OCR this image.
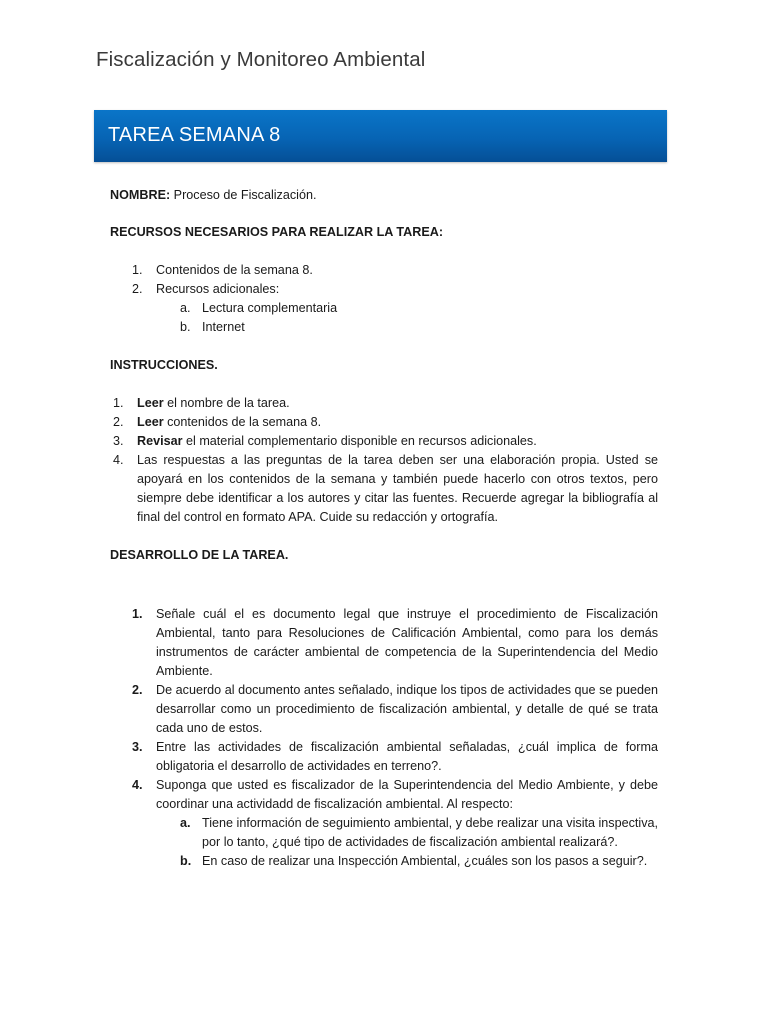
Fiscalización y Monitoreo Ambiental
TAREA SEMANA 8

NOMBRE: Proceso de Fiscalización.

RECURSOS NECESARIOS PARA REALIZAR LA TAREA:

1.	Contenidos de la semana 8.
2.	Recursos adicionales:
a. Lectura complementaria
b. Internet

INSTRUCCIONES.

1.	Leer el nombre de la tarea.
2.	Leer contenidos de la semana 8.
3.	Revisar el material complementario disponible en recursos adicionales.
4.	Las respuestas a las preguntas de la tarea deben ser una elaboración propia. Usted se apoyará en los contenidos de la semana y también puede hacerlo con otros textos, pero siempre debe identificar a los autores y citar las fuentes. Recuerde agregar la bibliografía al final del control en formato APA. Cuide su redacción y ortografía.

DESARROLLO DE LA TAREA.

1.	Señale cuál el es documento legal que instruye el procedimiento de Fiscalización Ambiental, tanto para Resoluciones de Calificación Ambiental, como para los demás instrumentos de carácter ambiental de competencia de la Superintendencia del Medio Ambiente.
2.	De acuerdo al documento antes señalado, indique los tipos de actividades que se pueden desarrollar como un procedimiento de fiscalización ambiental, y detalle de qué se trata cada uno de estos.
3.	Entre las actividades de fiscalización ambiental señaladas, ¿cuál implica de forma obligatoria el desarrollo de actividades en terreno?.
4.	Suponga que usted es fiscalizador de la Superintendencia del Medio Ambiente, y debe coordinar una actividadd de fiscalización ambiental. Al respecto:
a. Tiene información de seguimiento ambiental, y debe realizar una visita inspectiva, por lo tanto, ¿qué tipo de actividades de fiscalización ambiental realizará?.
b. En caso de realizar una Inspección Ambiental, ¿cuáles son los pasos a seguir?.
